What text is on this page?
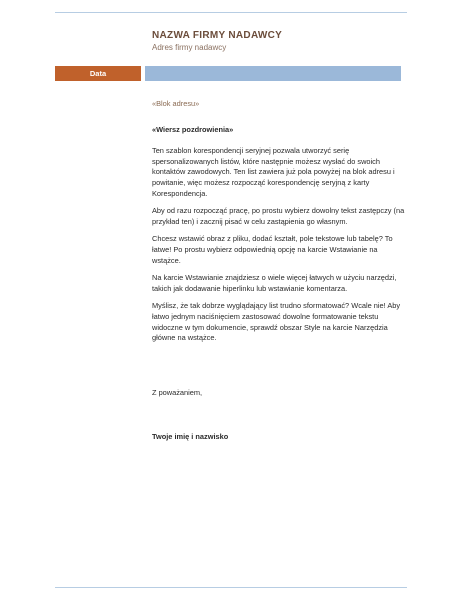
NAZWA FIRMY NADAWCY
Adres firmy nadawcy
Data

«Blok adresu»

«Wiersz pozdrowienia»

Ten szablon korespondencji seryjnej pozwala utworzyć serię spersonalizowanych listów, które następnie możesz wysłać do swoich kontaktów zawodowych. Ten list zawiera już pola powyżej na blok adresu i powitanie, więc możesz rozpocząć korespondencję seryjną z karty Korespondencja.

Aby od razu rozpocząć pracę, po prostu wybierz dowolny tekst zastępczy (na przykład ten) i zacznij pisać w celu zastąpienia go własnym.

Chcesz wstawić obraz z pliku, dodać kształt, pole tekstowe lub tabelę? To łatwe! Po prostu wybierz odpowiednią opcję na karcie Wstawianie na wstążce.

Na karcie Wstawianie znajdziesz o wiele więcej łatwych w użyciu narzędzi, takich jak dodawanie hiperlinku lub wstawianie komentarza.

Myślisz, że tak dobrze wyglądający list trudno sformatować? Wcale nie! Aby łatwo jednym naciśnięciem zastosować dowolne formatowanie tekstu widoczne w tym dokumencie, sprawdź obszar Style na karcie Narzędzia główne na wstążce.

Z poważaniem,

Twoje imię i nazwisko
